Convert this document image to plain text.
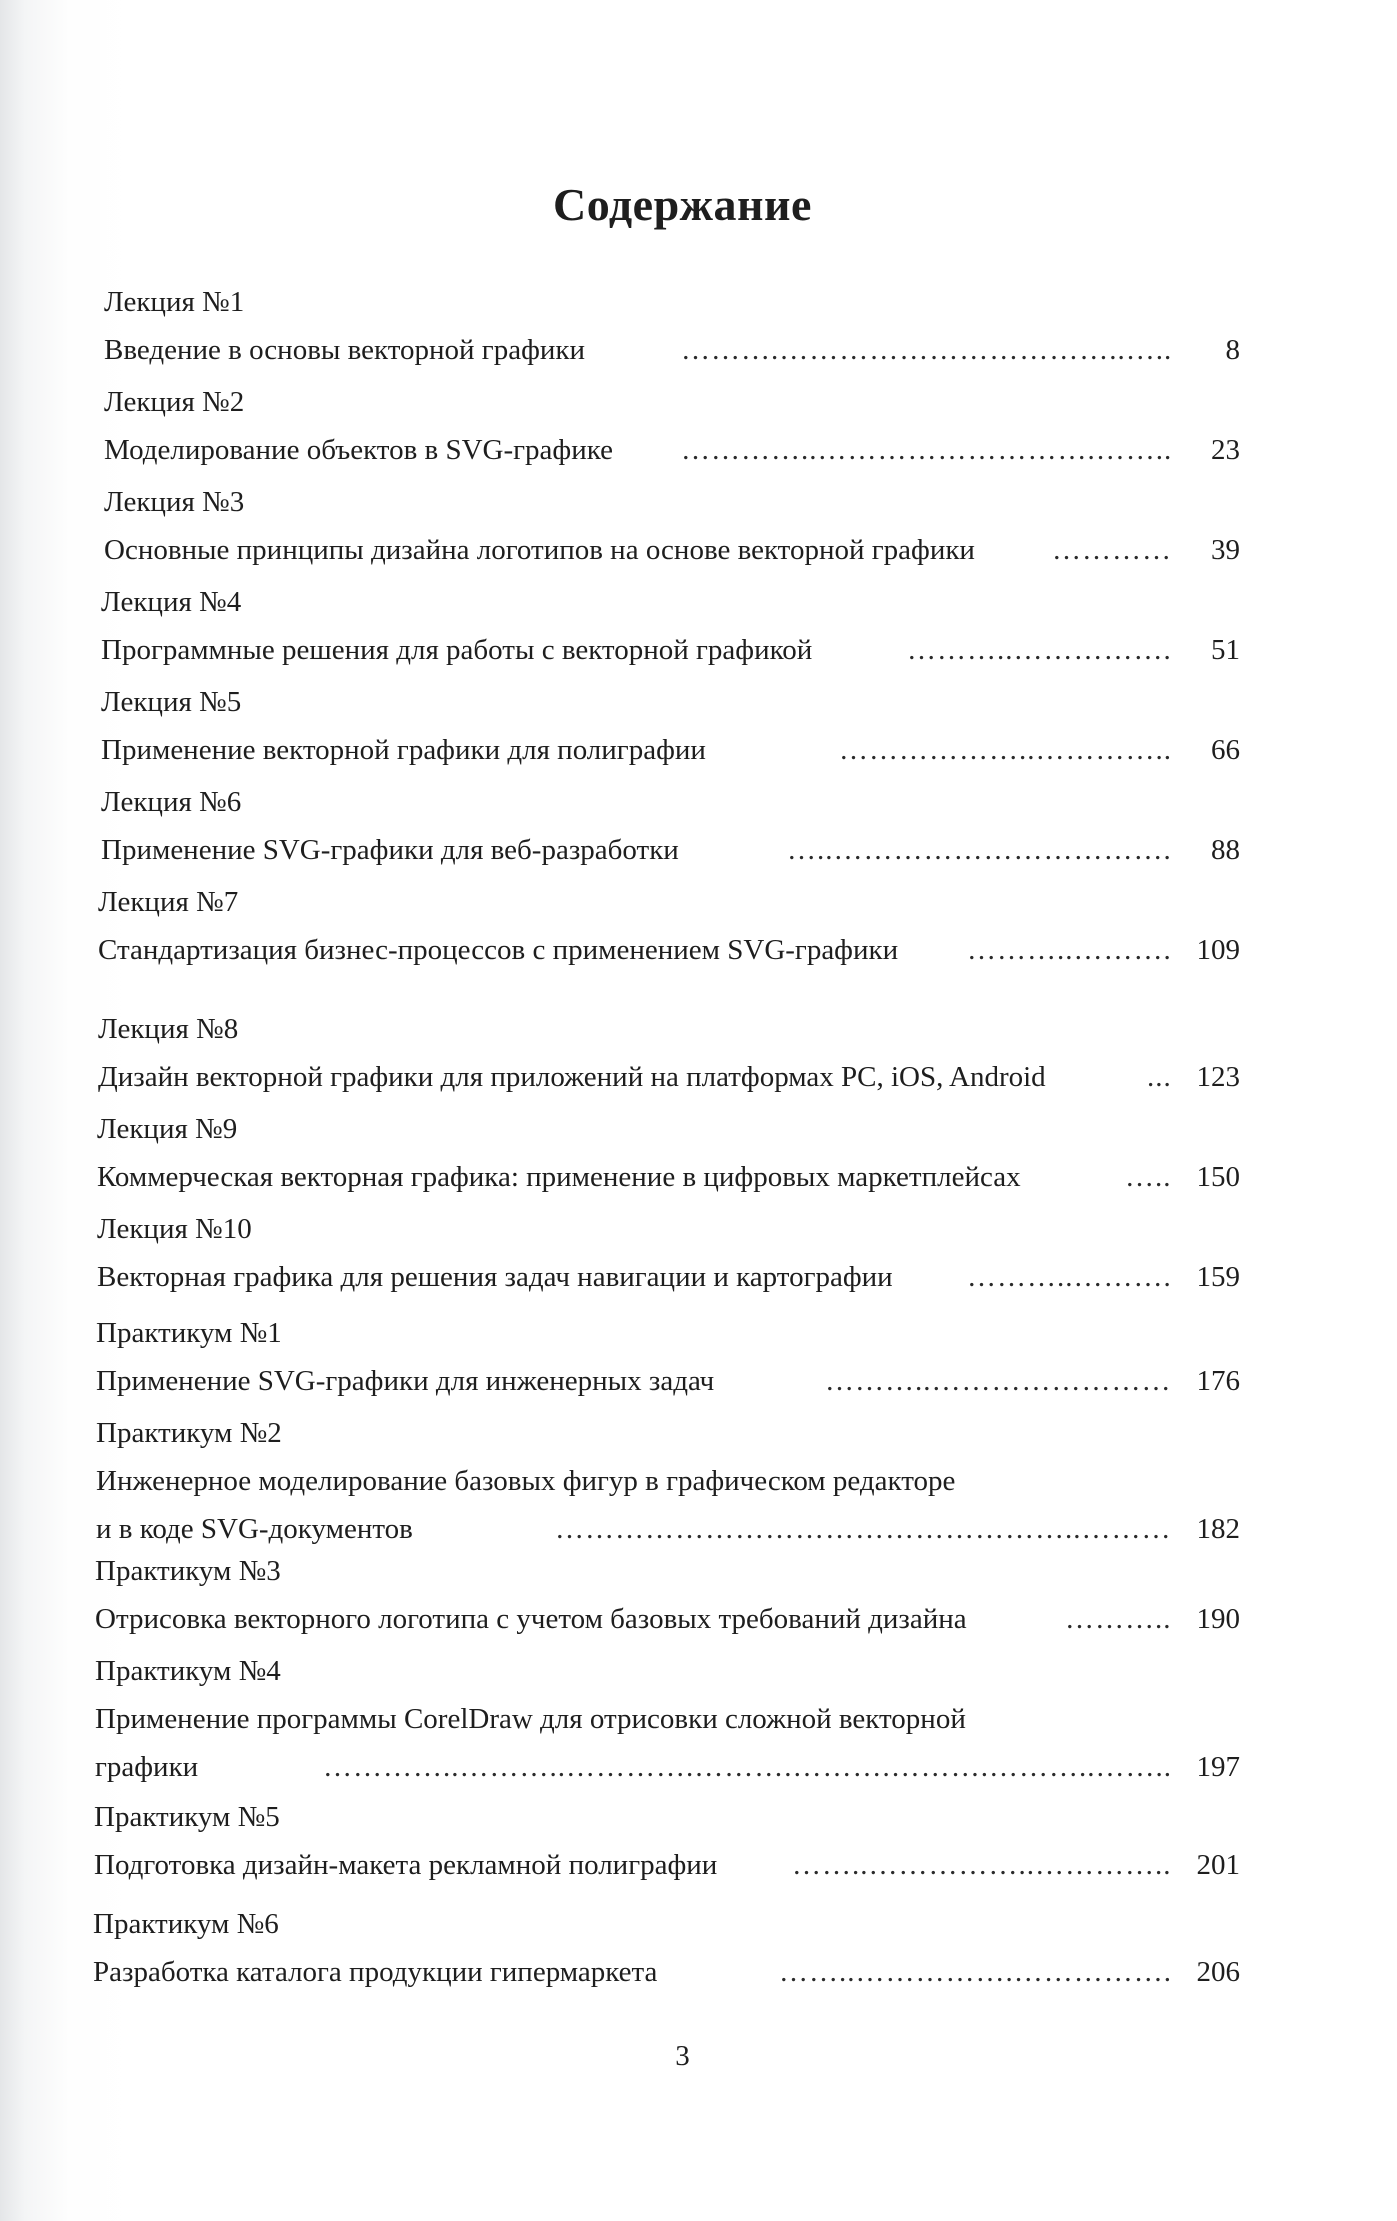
Содержание
Лекция №1
Введение в основы векторной графики	……….……………………………..…..	8
Лекция №2
Моделирование объектов в SVG-графике …………..……………………….……..	23
Лекция №3
Основные принципы дизайна логотипов на основе векторной графики	…………	39
Лекция №4
Программные решения для работы с векторной графикой	………..…………….	51
Лекция №5
Применение векторной графики для полиграфии	………………..…………..	66
Лекция №6
Применение SVG-графики для веб-разработки	…..…………………………….	88
Лекция №7
Стандартизация бизнес-процессов с применением SVG-графики ………..………. 109
Лекция №8
Дизайн векторной графики для приложений на платформах PC, iOS, Android	... 123
Лекция №9
Коммерческая векторная графика: применение в цифровых маркетплейсах	….. 150
Лекция №10
Векторная графика для решения задач навигации и картографии	………..………. 159
Практикум №1
Применение SVG-графики для инженерных задач	………..…………………… 176
Практикум №2
Инженерное моделирование базовых фигур в графическом редакторе
и в коде SVG-документов	……………………………………………..……… 182
Практикум №3
Отрисовка векторного логотипа с учетом базовых требований дизайна	……….. 190
Практикум №4
Применение программы CorelDraw для отрисовки сложной векторной
графики	…………..………..………….……….……….……….………..…….. 197
Практикум №5
Подготовка дизайн-макета рекламной полиграфии	……..……………..………….. 201
Практикум №6
Разработка каталога продукции гипермаркета	……..…………….……………. 206
3
